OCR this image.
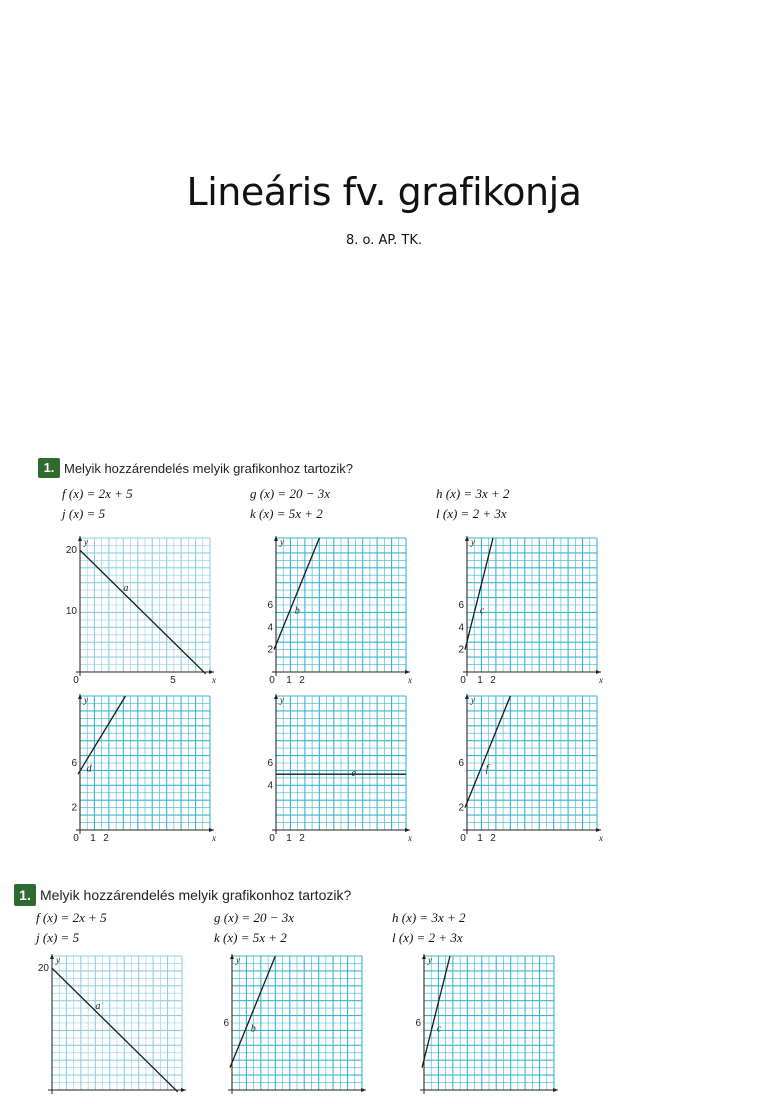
Lineáris fv. grafikonja
8. o. AP. TK.
1. Melyik hozzárendelés melyik grafikonhoz tartozik?
f (x) = 2x + 5	g (x) = 20 − 3x	h (x) = 3x + 2
j (x) = 5	k (x) = 5x + 2	l (x) = 2 + 3x
a
10
20
0	5	x
y
b
2
4
6
0 1 2	x
y
c
2
4
6
0 1 2	x
y
d
2
6
0 1 2	x
y
e
4
6
0 1 2	x
y
f
2
6
0 1 2	x
y
1. Melyik hozzárendelés melyik grafikonhoz tartozik?
f (x) = 2x + 5	g (x) = 20 − 3x	h (x) = 3x + 2
j (x) = 5	k (x) = 5x + 2	l (x) = 2 + 3x
a
20
y
b
6
y
c
6
y
